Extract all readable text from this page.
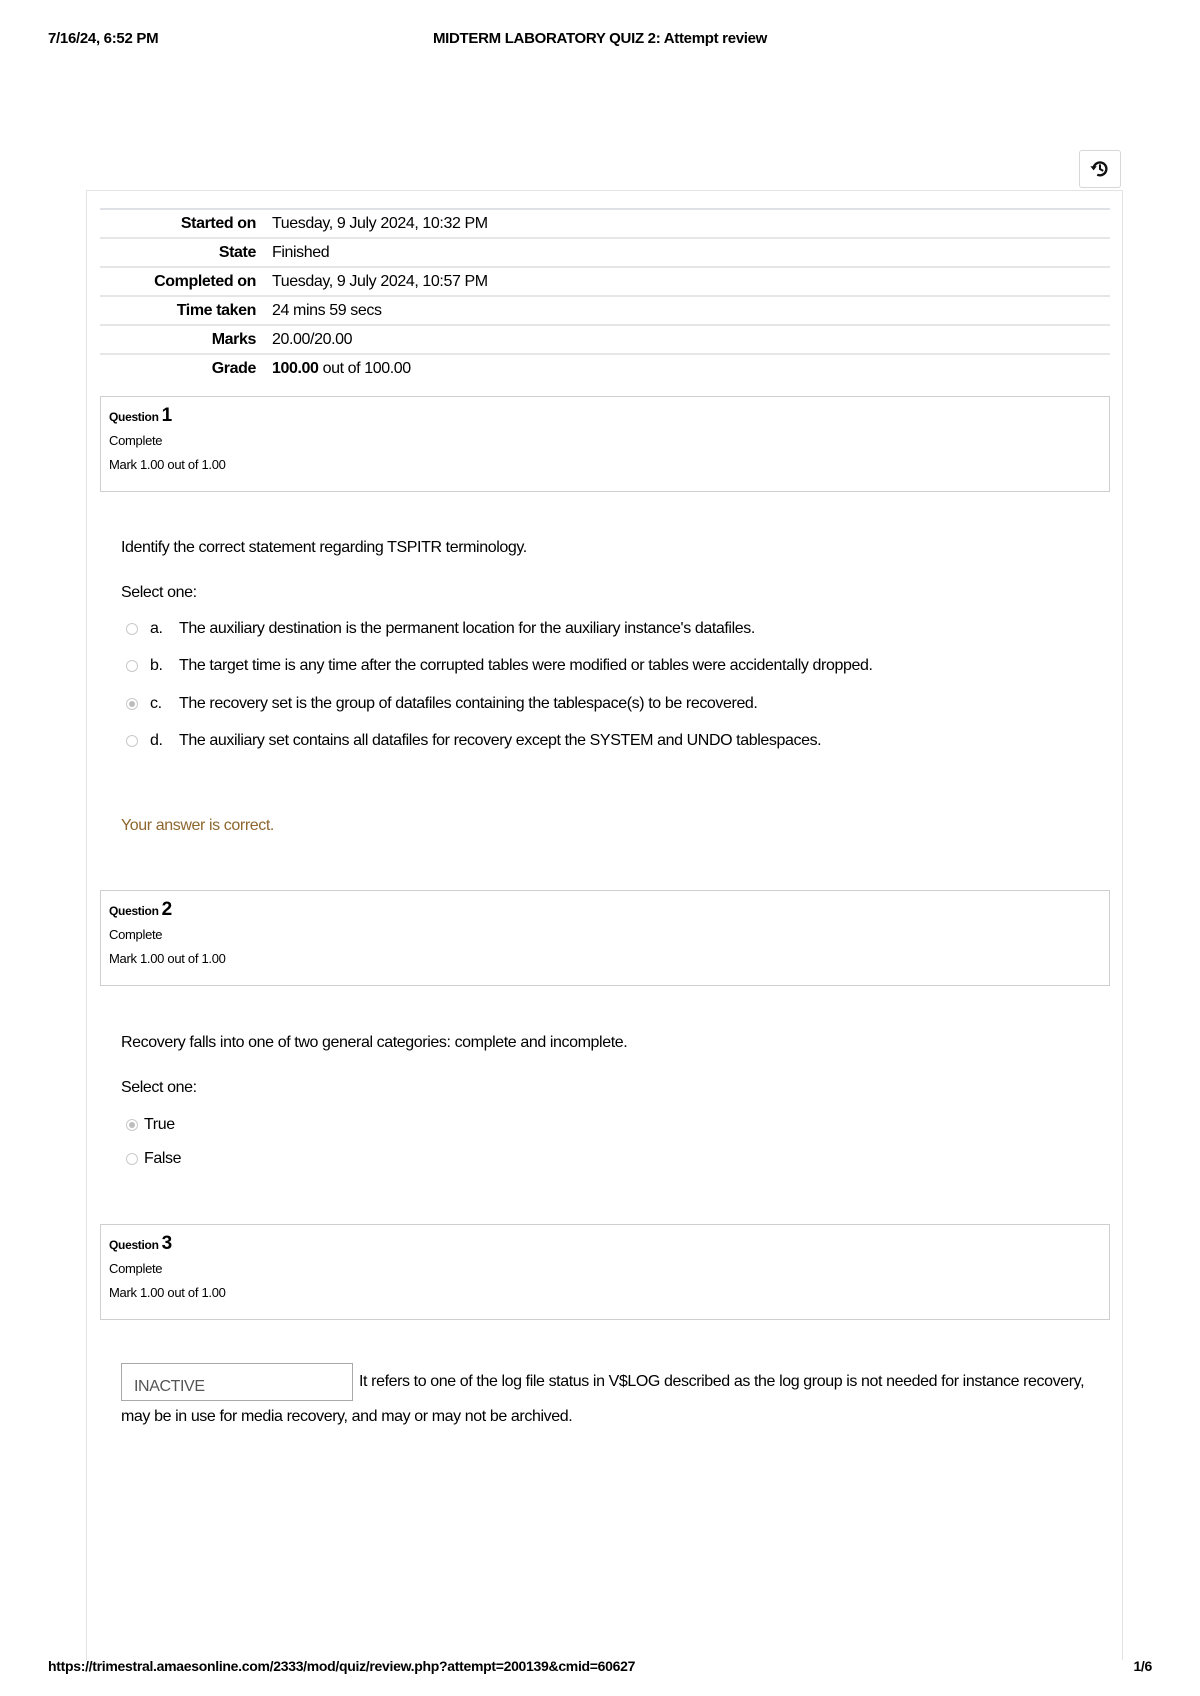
7/16/24, 6:52 PM	MIDTERM LABORATORY QUIZ 2: Attempt review
Started on	Tuesday, 9 July 2024, 10:32 PM
State	Finished
Completed on	Tuesday, 9 July 2024, 10:57 PM
Time taken	24 mins 59 secs
Marks	20.00/20.00
Grade	100.00 out of 100.00
Question 1
Complete
Mark 1.00 out of 1.00
Identify the correct statement regarding TSPITR terminology.
Select one:
a.	The auxiliary destination is the permanent location for the auxiliary instance's datafiles.
b.	The target time is any time after the corrupted tables were modified or tables were accidentally dropped.
c.	The recovery set is the group of datafiles containing the tablespace(s) to be recovered.
d.	The auxiliary set contains all datafiles for recovery except the SYSTEM and UNDO tablespaces.
Your answer is correct.
Question 2
Complete
Mark 1.00 out of 1.00
Recovery falls into one of two general categories: complete and incomplete.
Select one:
True
False
Question 3
Complete
Mark 1.00 out of 1.00
INACTIVE	It refers to one of the log file status in V$LOG described as the log group is not needed for instance recovery, may be in use for media recovery, and may or may not be archived.
https://trimestral.amaesonline.com/2333/mod/quiz/review.php?attempt=200139&cmid=60627	1/6
